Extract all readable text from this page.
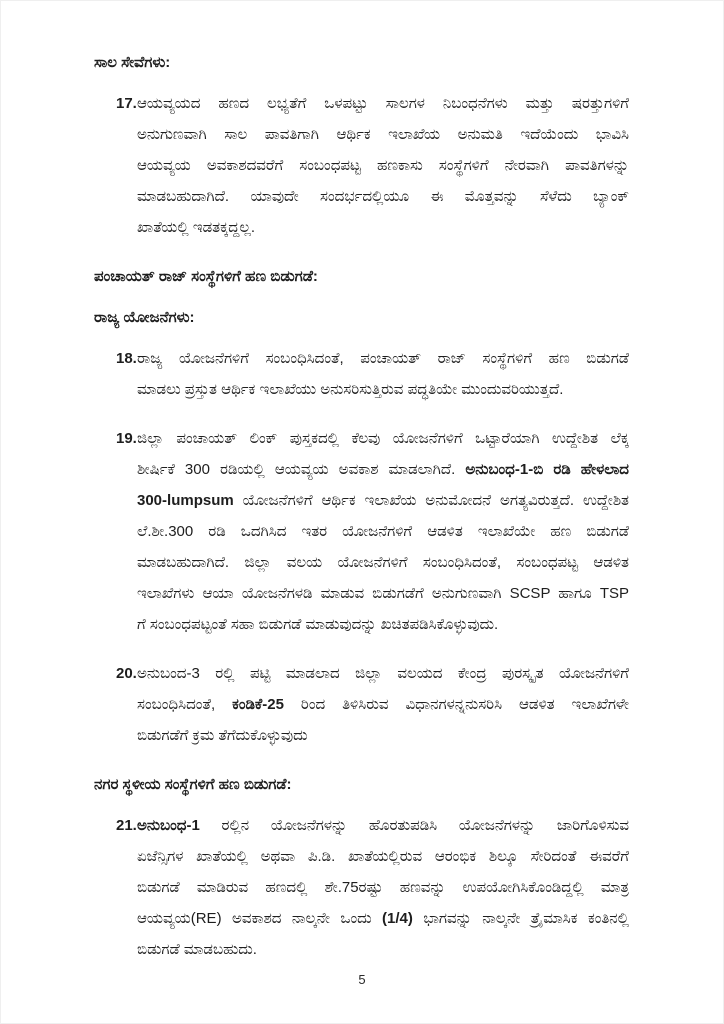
ಸಾಲ ಸೇವೆಗಳು:
17. ಆಯವ್ಯಯದ ಹಣದ ಲಭ್ಯತೆಗೆ ಒಳಪಟ್ಟು ಸಾಲಗಳ ನಿಬಂಧನೆಗಳು ಮತ್ತು ಷರತ್ತುಗಳಿಗೆ
ಅನುಗುಣವಾಗಿ ಸಾಲ ಪಾವತಿಗಾಗಿ ಆರ್ಥಿಕ ಇಲಾಖೆಯ ಅನುಮತಿ ಇದೆಯೆಂದು ಭಾವಿಸಿ
ಆಯವ್ಯಯ ಅವಕಾಶದವರೆಗೆ ಸಂಬಂಧಪಟ್ಟ ಹಣಕಾಸು ಸಂಸ್ಥೆಗಳಿಗೆ ನೇರವಾಗಿ ಪಾವತಿಗಳನ್ನು
ಮಾಡಬಹುದಾಗಿದೆ. ಯಾವುದೇ ಸಂದರ್ಭದಲ್ಲಿಯೂ ಈ ಮೊತ್ತವನ್ನು ಸೆಳೆದು ಬ್ಯಾಂಕ್
ಖಾತೆಯಲ್ಲಿ ಇಡತಕ್ಕದ್ದಲ್ಲ.
ಪಂಚಾಯತ್ ರಾಜ್ ಸಂಸ್ಥೆಗಳಿಗೆ ಹಣ ಬಿಡುಗಡೆ:
ರಾಜ್ಯ ಯೋಜನೆಗಳು:
18. ರಾಜ್ಯ ಯೋಜನೆಗಳಿಗೆ ಸಂಬಂಧಿಸಿದಂತೆ, ಪಂಚಾಯತ್ ರಾಜ್ ಸಂಸ್ಥೆಗಳಿಗೆ ಹಣ ಬಿಡುಗಡೆ
ಮಾಡಲು ಪ್ರಸ್ತುತ ಆರ್ಥಿಕ ಇಲಾಖೆಯು ಅನುಸರಿಸುತ್ತಿರುವ ಪದ್ಧತಿಯೇ ಮುಂದುವರಿಯುತ್ತದೆ.
19. ಜಿಲ್ಲಾ ಪಂಚಾಯತ್ ಲಿಂಕ್ ಪುಸ್ತಕದಲ್ಲಿ ಕೆಲವು ಯೋಜನೆಗಳಿಗೆ ಒಟ್ಟಾರೆಯಾಗಿ ಉದ್ದೇಶಿತ ಲೆಕ್ಕ
ಶೀರ್ಷಿಕೆ 300 ರಡಿಯಲ್ಲಿ ಆಯವ್ಯಯ ಅವಕಾಶ ಮಾಡಲಾಗಿದೆ. ಅನುಬಂಧ-1-ಬಿ ರಡಿ ಹೇಳಲಾದ
300-lumpsum ಯೋಜನೆಗಳಿಗೆ ಆರ್ಥಿಕ ಇಲಾಖೆಯ ಅನುಮೋದನೆ ಅಗತ್ಯವಿರುತ್ತದೆ. ಉದ್ದೇಶಿತ
ಲೆ.ಶೀ.300 ರಡಿ ಒದಗಿಸಿದ ಇತರ ಯೋಜನೆಗಳಿಗೆ ಆಡಳಿತ ಇಲಾಖೆಯೇ ಹಣ ಬಿಡುಗಡೆ
ಮಾಡಬಹುದಾಗಿದೆ. ಜಿಲ್ಲಾ ವಲಯ ಯೋಜನೆಗಳಿಗೆ ಸಂಬಂಧಿಸಿದಂತೆ, ಸಂಬಂಧಪಟ್ಟ ಆಡಳಿತ
ಇಲಾಖೆಗಳು ಆಯಾ ಯೋಜನೆಗಳಡಿ ಮಾಡುವ ಬಿಡುಗಡೆಗೆ ಅನುಗುಣವಾಗಿ SCSP ಹಾಗೂ TSP
ಗೆ ಸಂಬಂಧಪಟ್ಟಂತೆ ಸಹಾ ಬಿಡುಗಡೆ ಮಾಡುವುದನ್ನು ಖಚಿತಪಡಿಸಿಕೊಳ್ಳುವುದು.
20. ಅನುಬಂದ-3 ರಲ್ಲಿ ಪಟ್ಟಿ ಮಾಡಲಾದ ಜಿಲ್ಲಾ ವಲಯದ ಕೇಂದ್ರ ಪುರಸ್ಕೃತ ಯೋಜನೆಗಳಿಗೆ
ಸಂಬಂಧಿಸಿದಂತೆ, ಕಂಡಿಕೆ-25 ರಿಂದ ತಿಳಿಸಿರುವ ವಿಧಾನಗಳನ್ನನುಸರಿಸಿ ಆಡಳಿತ ಇಲಾಖೆಗಳೇ
ಬಿಡುಗಡೆಗೆ ಕ್ರಮ ತೆಗೆದುಕೊಳ್ಳುವುದು
ನಗರ ಸ್ಥಳೀಯ ಸಂಸ್ಥೆಗಳಿಗೆ ಹಣ ಬಿಡುಗಡೆ:
21. ಅನುಬಂಧ-1 ರಲ್ಲಿನ ಯೋಜನೆಗಳನ್ನು ಹೊರತುಪಡಿಸಿ ಯೋಜನೆಗಳನ್ನು ಜಾರಿಗೊಳಿಸುವ
ಏಜೆನ್ಸಿಗಳ ಖಾತೆಯಲ್ಲಿ ಅಥವಾ ಪಿ.ಡಿ. ಖಾತೆಯಲ್ಲಿರುವ ಆರಂಭಿಕ ಶಿಲ್ಕೂ ಸೇರಿದಂತೆ ಈವರೆಗೆ
ಬಿಡುಗಡೆ ಮಾಡಿರುವ ಹಣದಲ್ಲಿ ಶೇ.75ರಷ್ಟು ಹಣವನ್ನು ಉಪಯೋಗಿಸಿಕೊಂಡಿದ್ದಲ್ಲಿ ಮಾತ್ರ
ಆಯವ್ಯಯ(RE) ಅವಕಾಶದ ನಾಲ್ಕನೇ ಒಂದು (1/4) ಭಾಗವನ್ನು ನಾಲ್ಕನೇ ತ್ರೈಮಾಸಿಕ ಕಂತಿನಲ್ಲಿ
ಬಿಡುಗಡೆ ಮಾಡಬಹುದು.
5
